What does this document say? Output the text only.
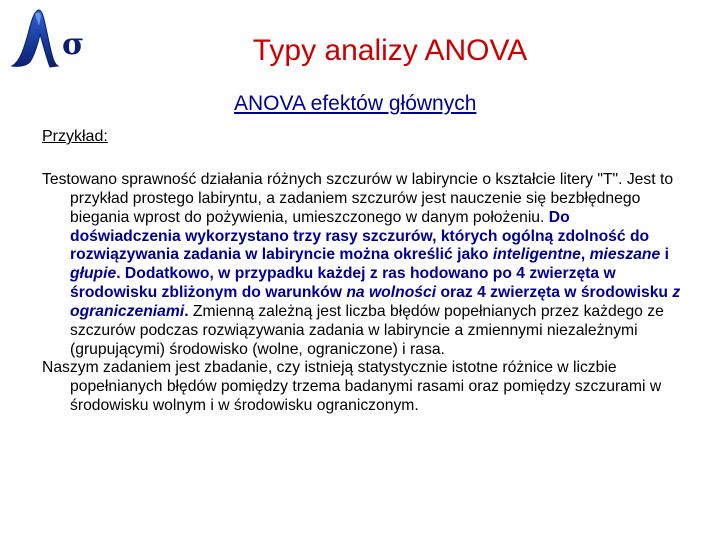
σ	Typy analizy ANOVA
ANOVA efektów głównych
Przykład:

Testowano sprawność działania różnych szczurów w labiryncie o kształcie litery "T". Jest to przykład prostego labiryntu, a zadaniem szczurów jest nauczenie się bezbłędnego biegania wprost do pożywienia, umieszczonego w danym położeniu. Do doświadczenia wykorzystano trzy rasy szczurów, których ogólną zdolność do rozwiązywania zadania w labiryncie można określić jako inteligentne, mieszane i głupie. Dodatkowo, w przypadku każdej z ras hodowano po 4 zwierzęta w środowisku zbliżonym do warunków na wolności oraz 4 zwierzęta w środowisku z ograniczeniami. Zmienną zależną jest liczba błędów popełnianych przez każdego ze szczurów podczas rozwiązywania zadania w labiryncie a zmiennymi niezależnymi (grupującymi) środowisko (wolne, ograniczone) i rasa.

Naszym zadaniem jest zbadanie, czy istnieją statystycznie istotne różnice w liczbie popełnianych błędów pomiędzy trzema badanymi rasami oraz pomiędzy szczurami w środowisku wolnym i w środowisku ograniczonym.
